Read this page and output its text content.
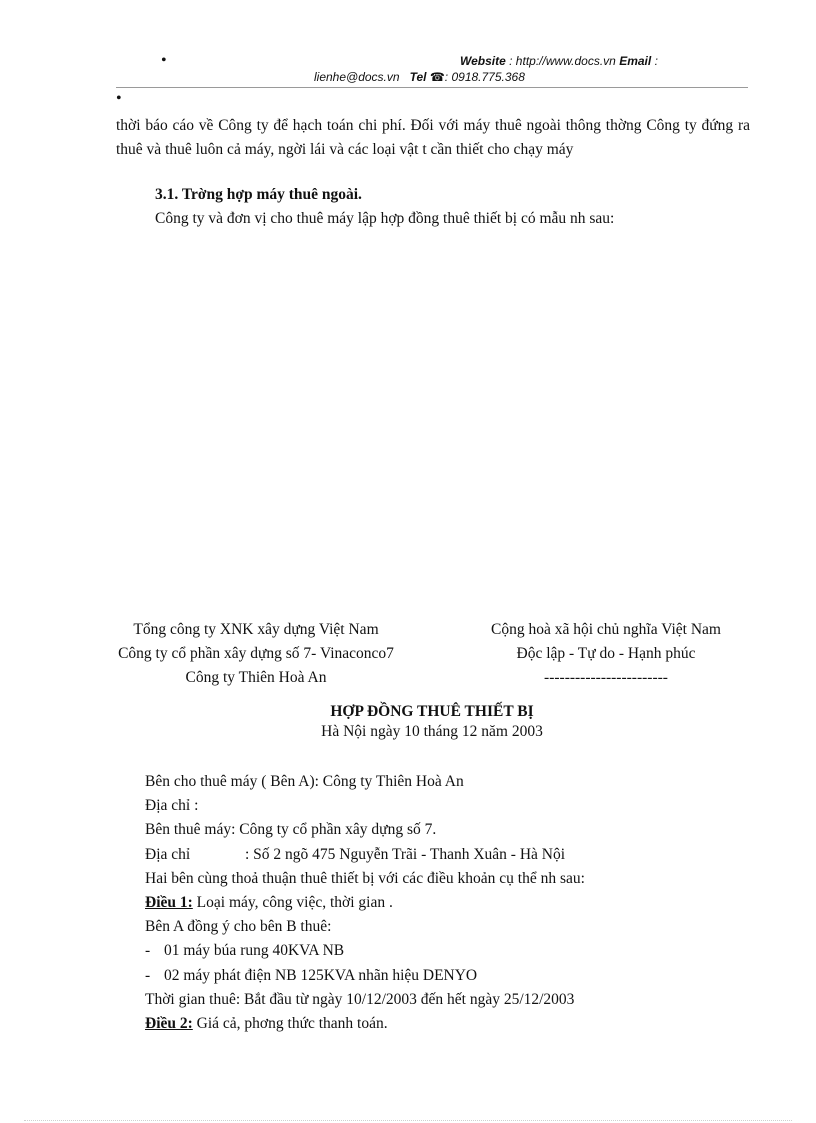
•	Website : http://www.docs.vn Email :
lienhe@docs.vn Tel ☎: 0918.775.368
•

thời báo cáo về Công ty để hạch toán chi phí. Đối với máy thuê ngoài thông thờng Công ty đứng ra thuê và thuê luôn cả máy, ngời lái và các loại vật t cần thiết cho chạy máy

3.1. Trờng hợp máy thuê ngoài.

Công ty và đơn vị cho thuê máy lập hợp đồng thuê thiết bị có mẫu nh sau:

Tổng công ty XNK xây dựng Việt Nam
Công ty cổ phần xây dựng số 7- Vinaconco7
Công ty Thiên Hoà An
Cộng hoà xã hội chủ nghĩa Việt Nam
Độc lập - Tự do - Hạnh phúc
------------------------
HỢP ĐỒNG THUÊ THIẾT BỊ
Hà Nội ngày 10 tháng 12 năm 2003
Bên cho thuê máy ( Bên A): Công ty Thiên Hoà An
Địa chỉ :
Bên thuê máy: Công ty cổ phần xây dựng số 7.
Địa chỉ	: Số 2 ngõ 475 Nguyễn Trãi - Thanh Xuân - Hà Nội
Hai bên cùng thoả thuận thuê thiết bị với các điều khoản cụ thể nh sau:
Điều 1: Loại máy, công việc, thời gian .
Bên A đồng ý cho bên B thuê:
- 01 máy búa rung 40KVA NB
- 02 máy phát điện NB 125KVA nhãn hiệu DENYO
Thời gian thuê: Bắt đầu từ ngày 10/12/2003 đến hết ngày 25/12/2003
Điều 2: Giá cả, phơng thức thanh toán.
